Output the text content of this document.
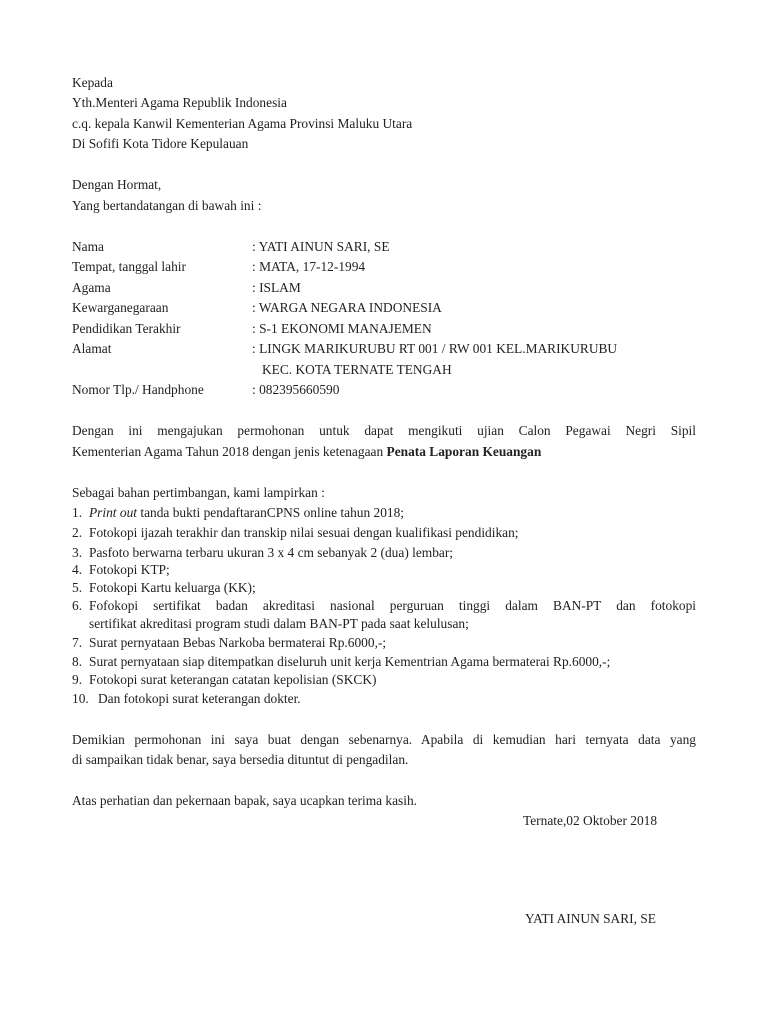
Kepada
Yth.Menteri Agama Republik Indonesia
c.q. kepala Kanwil Kementerian Agama Provinsi Maluku Utara
Di Sofifi Kota Tidore Kepulauan
Dengan Hormat,
Yang bertandatangan di bawah ini :
Nama	: YATI AINUN SARI, SE
Tempat, tanggal lahir	: MATA, 17-12-1994
Agama	: ISLAM
Kewarganegaraan	: WARGA NEGARA INDONESIA
Pendidikan Terakhir	: S-1 EKONOMI MANAJEMEN
Alamat	: LINGK MARIKURUBU RT 001 / RW 001 KEL.MARIKURUBU
KEC. KOTA TERNATE TENGAH
Nomor Tlp./ Handphone	: 082395660590
Dengan ini mengajukan permohonan untuk dapat mengikuti ujian Calon Pegawai Negri Sipil
Kementerian Agama Tahun 2018 dengan jenis ketenagaan Penata Laporan Keuangan
Sebagai bahan pertimbangan, kami lampirkan :
1. Print out tanda bukti pendaftaranCPNS online tahun 2018;
2. Fotokopi ijazah terakhir dan transkip nilai sesuai dengan kualifikasi pendidikan;
3. Pasfoto berwarna terbaru ukuran 3 x 4 cm sebanyak 2 (dua) lembar;
4. Fotokopi KTP;
5. Fotokopi Kartu keluarga (KK);
6. Fofokopi sertifikat badan akreditasi nasional perguruan tinggi dalam BAN-PT dan fotokopi
sertifikat akreditasi program studi dalam BAN-PT pada saat kelulusan;
7. Surat pernyataan Bebas Narkoba bermaterai Rp.6000,-;
8. Surat pernyataan siap ditempatkan diseluruh unit kerja Kementrian Agama bermaterai Rp.6000,-;
9. Fotokopi surat keterangan catatan kepolisian (SKCK)
10. Dan fotokopi surat keterangan dokter.
Demikian permohonan ini saya buat dengan sebenarnya. Apabila di kemudian hari ternyata data yang
di sampaikan tidak benar, saya bersedia dituntut di pengadilan.
Atas perhatian dan pekernaan bapak, saya ucapkan terima kasih.
Ternate,02 Oktober 2018
YATI AINUN SARI, SE
